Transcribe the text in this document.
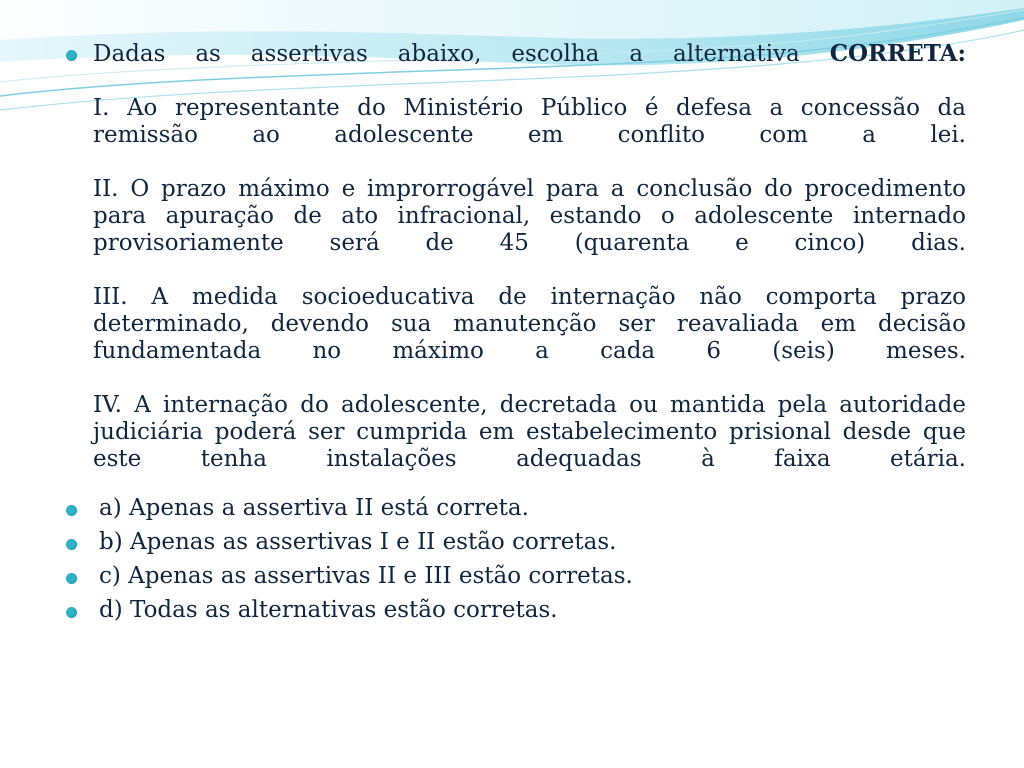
Dadas as assertivas abaixo, escolha a alternativa CORRETA:

I. Ao representante do Ministério Público é defesa a concessão da remissão ao adolescente em conflito com a lei.

II. O prazo máximo e improrrogável para a conclusão do procedimento para apuração de ato infracional, estando o adolescente internado provisoriamente será de 45 (quarenta e cinco) dias.

III. A medida socioeducativa de internação não comporta prazo determinado, devendo sua manutenção ser reavaliada em decisão fundamentada no máximo a cada 6 (seis) meses.

IV. A internação do adolescente, decretada ou mantida pela autoridade judiciária poderá ser cumprida em estabelecimento prisional desde que este tenha instalações adequadas à faixa etária.

a) Apenas a assertiva II está correta.
b) Apenas as assertivas I e II estão corretas.
c) Apenas as assertivas II e III estão corretas.
d) Todas as alternativas estão corretas.
